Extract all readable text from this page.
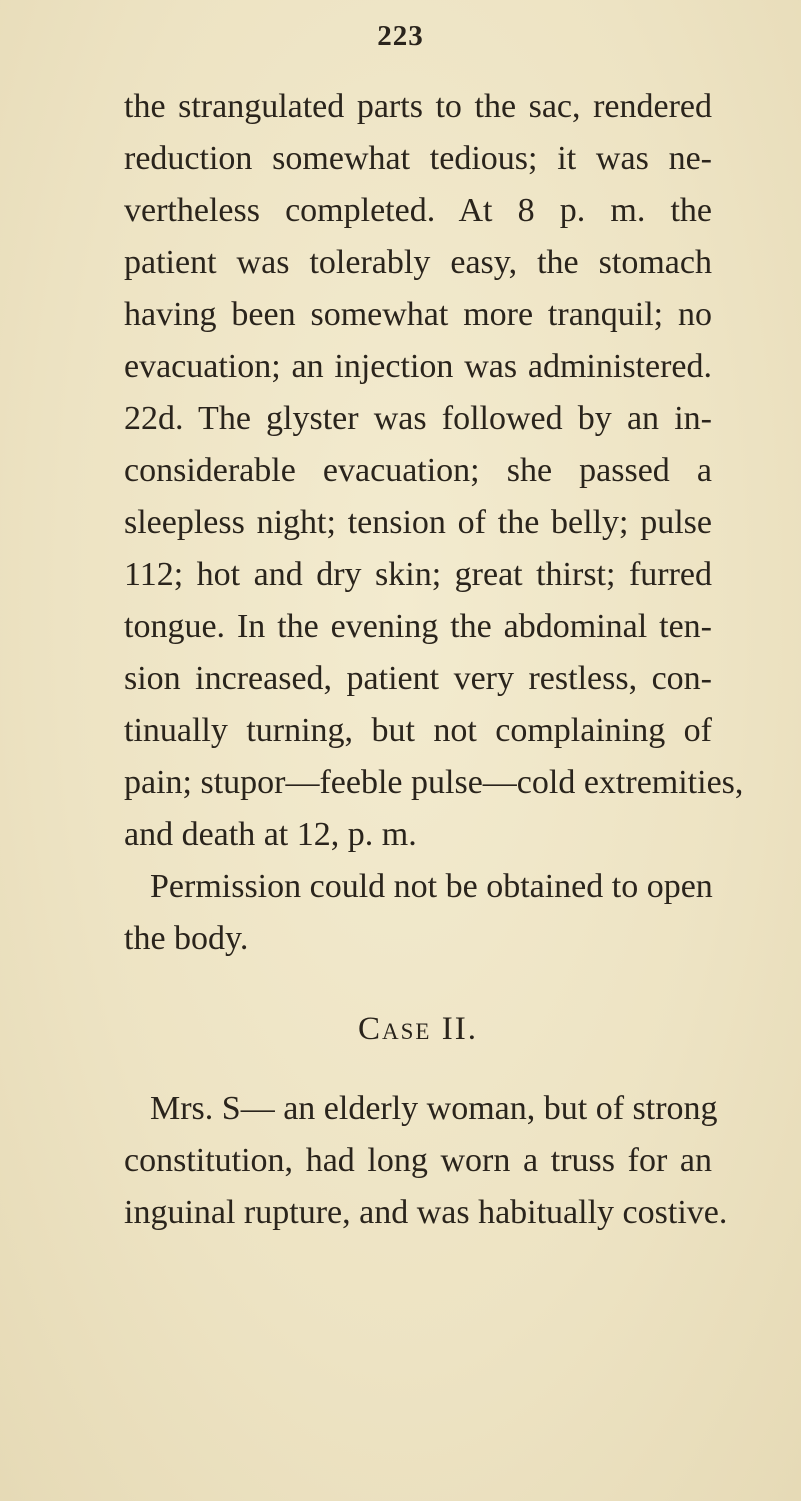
223
the strangulated parts to the sac, rendered
reduction somewhat tedious; it was ne-
vertheless completed. At 8 p. m. the
patient was tolerably easy, the stomach
having been somewhat more tranquil; no
evacuation; an injection was administered.
22d. The glyster was followed by an in-
considerable evacuation; she passed a
sleepless night; tension of the belly; pulse
112; hot and dry skin; great thirst; furred
tongue. In the evening the abdominal ten-
sion increased, patient very restless, con-
tinually turning, but not complaining of
pain; stupor—feeble pulse—cold extremities,
and death at 12, p. m.
Permission could not be obtained to open
the body.
Case II.
Mrs. S— an elderly woman, but of strong
constitution, had long worn a truss for an
inguinal rupture, and was habitually costive.
